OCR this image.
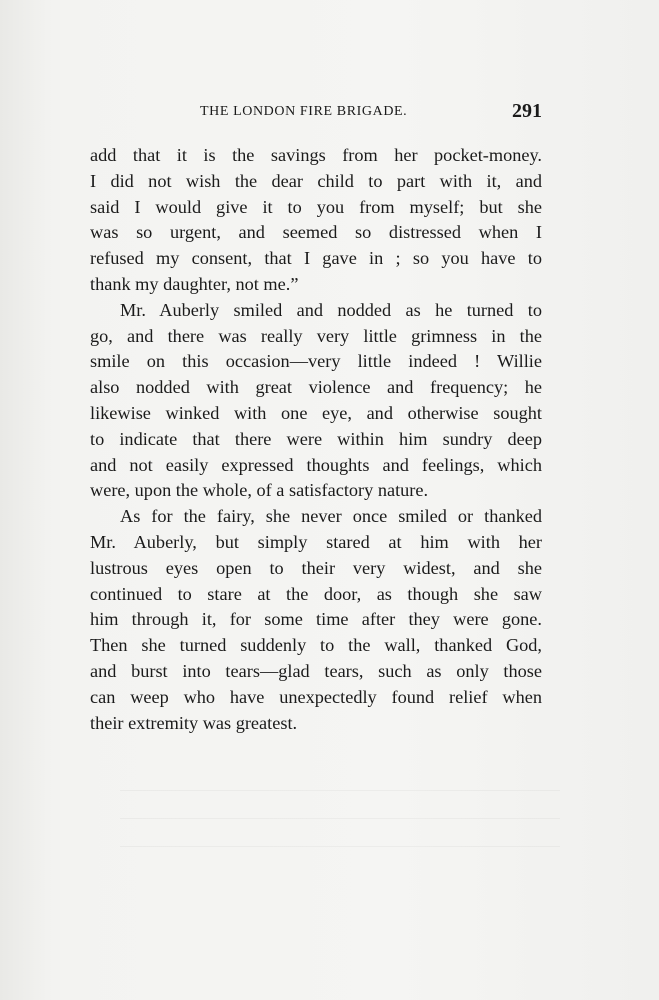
THE LONDON FIRE BRIGADE.	291

add that it is the savings from her pocket-money.
I did not wish the dear child to part with it, and
said I would give it to you from myself; but she
was so urgent, and seemed so distressed when I
refused my consent, that I gave in ; so you have to
thank my daughter, not me.”

Mr. Auberly smiled and nodded as he turned to
go, and there was really very little grimness in the
smile on this occasion—very little indeed ! Willie
also nodded with great violence and frequency; he
likewise winked with one eye, and otherwise sought
to indicate that there were within him sundry deep
and not easily expressed thoughts and feelings, which
were, upon the whole, of a satisfactory nature.

As for the fairy, she never once smiled or thanked
Mr. Auberly, but simply stared at him with her
lustrous eyes open to their very widest, and she
continued to stare at the door, as though she saw
him through it, for some time after they were gone.
Then she turned suddenly to the wall, thanked God,
and burst into tears—glad tears, such as only those
can weep who have unexpectedly found relief when
their extremity was greatest.
